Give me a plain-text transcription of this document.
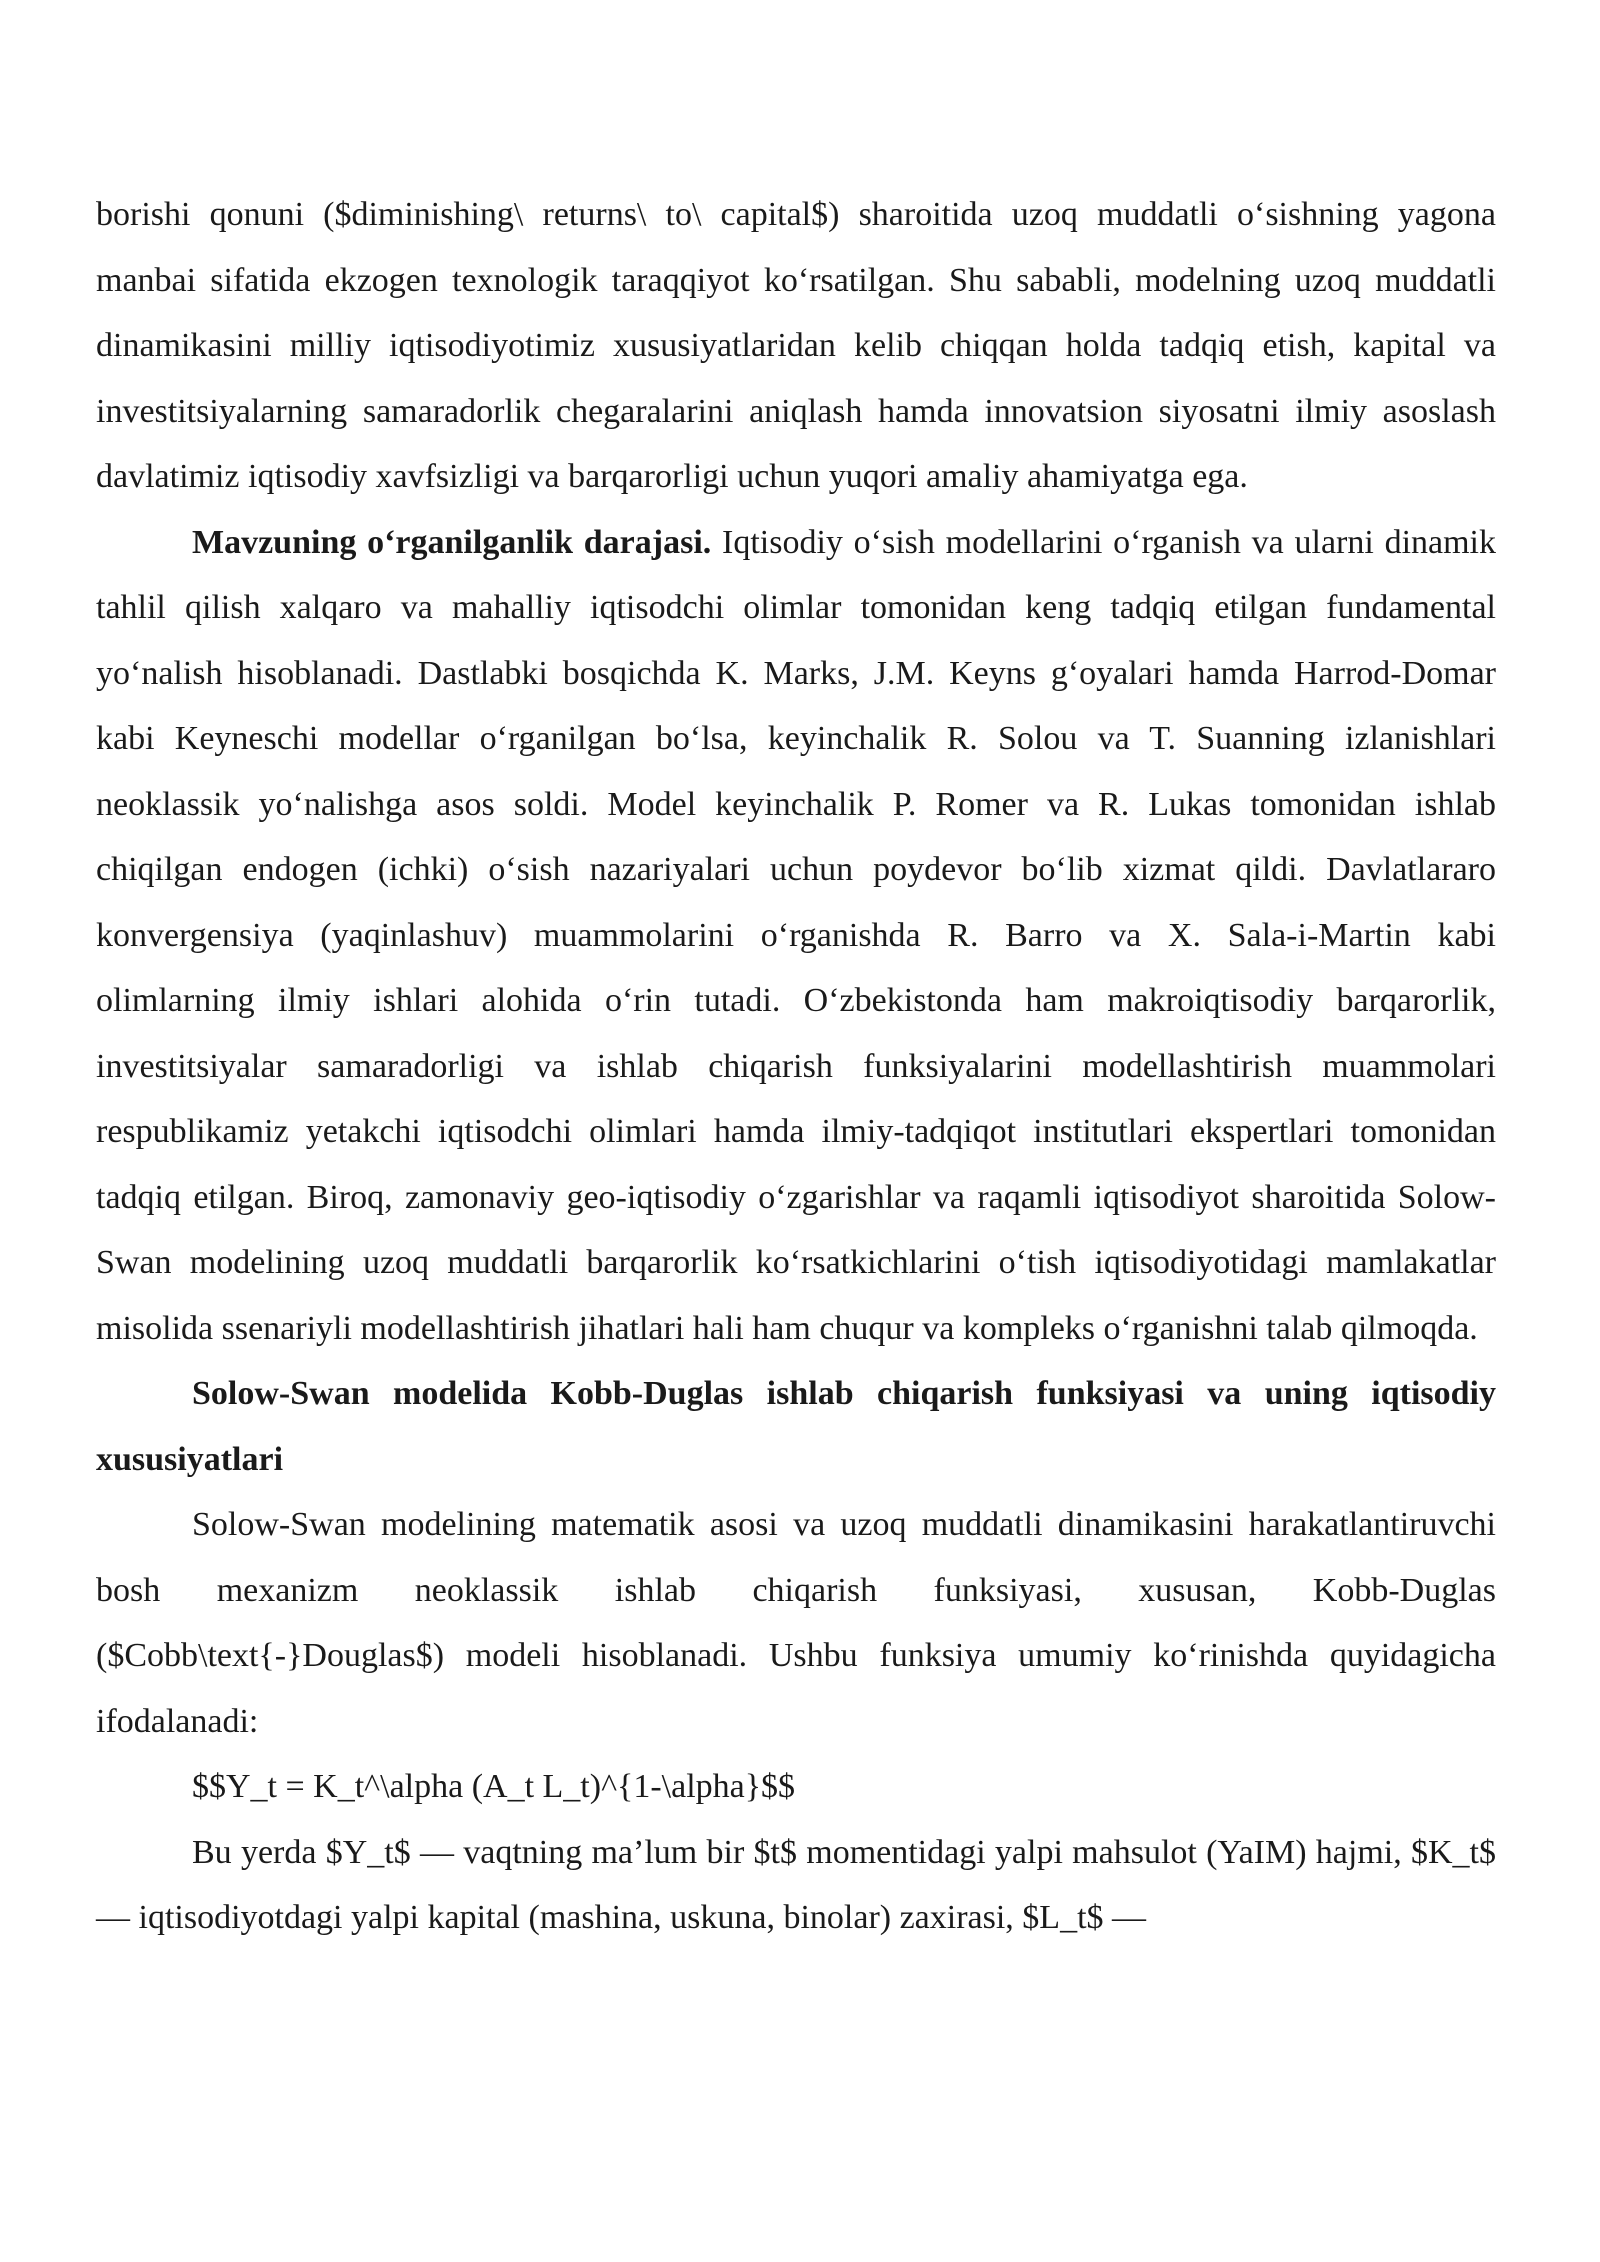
borishi qonuni ($diminishing\ returns\ to\ capital$) sharoitida uzoq muddatli o‘sishning yagona manbai sifatida ekzogen texnologik taraqqiyot ko‘rsatilgan. Shu sababli, modelning uzoq muddatli dinamikasini milliy iqtisodiyotimiz xususiyatlaridan kelib chiqqan holda tadqiq etish, kapital va investitsiyalarning samaradorlik chegaralarini aniqlash hamda innovatsion siyosatni ilmiy asoslash davlatimiz iqtisodiy xavfsizligi va barqarorligi uchun yuqori amaliy ahamiyatga ega.

Mavzuning o‘rganilganlik darajasi. Iqtisodiy o‘sish modellarini o‘rganish va ularni dinamik tahlil qilish xalqaro va mahalliy iqtisodchi olimlar tomonidan keng tadqiq etilgan fundamental yo‘nalish hisoblanadi. Dastlabki bosqichda K. Marks, J.M. Keyns g‘oyalari hamda Harrod-Domar kabi Keyneschi modellar o‘rganilgan bo‘lsa, keyinchalik R. Solou va T. Suanning izlanishlari neoklassik yo‘nalishga asos soldi. Model keyinchalik P. Romer va R. Lukas tomonidan ishlab chiqilgan endogen (ichki) o‘sish nazariyalari uchun poydevor bo‘lib xizmat qildi. Davlatlararo konvergensiya (yaqinlashuv) muammolarini o‘rganishda R. Barro va X. Sala-i-Martin kabi olimlarning ilmiy ishlari alohida o‘rin tutadi. O‘zbekistonda ham makroiqtisodiy barqarorlik, investitsiyalar samaradorligi va ishlab chiqarish funksiyalarini modellashtirish muammolari respublikamiz yetakchi iqtisodchi olimlari hamda ilmiy-tadqiqot institutlari ekspertlari tomonidan tadqiq etilgan. Biroq, zamonaviy geo-iqtisodiy o‘zgarishlar va raqamli iqtisodiyot sharoitida Solow-Swan modelining uzoq muddatli barqarorlik ko‘rsatkichlarini o‘tish iqtisodiyotidagi mamlakatlar misolida ssenariyli modellashtirish jihatlari hali ham chuqur va kompleks o‘rganishni talab qilmoqda.

Solow-Swan modelida Kobb-Duglas ishlab chiqarish funksiyasi va uning iqtisodiy xususiyatlari

Solow-Swan modelining matematik asosi va uzoq muddatli dinamikasini harakatlantiruvchi bosh mexanizm neoklassik ishlab chiqarish funksiyasi, xususan, Kobb-Duglas ($Cobb\text{-}Douglas$) modeli hisoblanadi. Ushbu funksiya umumiy ko‘rinishda quyidagicha ifodalanadi:

$$Y_t = K_t^\alpha (A_t L_t)^{1-\alpha}$$

Bu yerda $Y_t$ — vaqtning ma’lum bir $t$ momentidagi yalpi mahsulot (YaIM) hajmi, $K_t$ — iqtisodiyotdagi yalpi kapital (mashina, uskuna, binolar) zaxirasi, $L_t$ —
